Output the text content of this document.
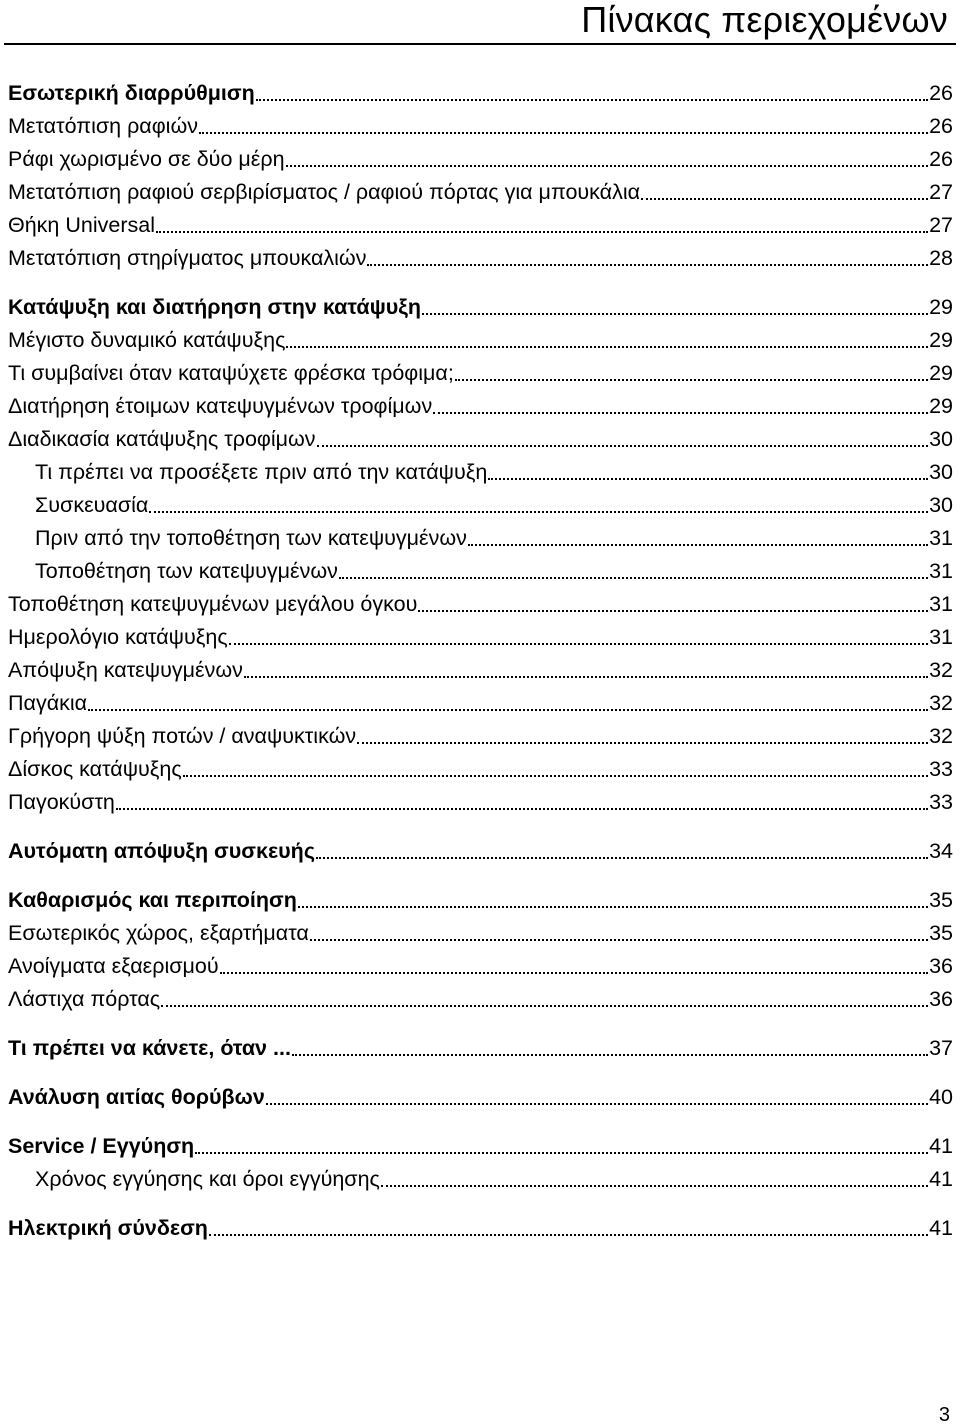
Πίνακας περιεχομένων
Εσωτερική διαρρύθμιση	26
Μετατόπιση ραφιών	26
Ράφι χωρισμένο σε δύο μέρη	26
Μετατόπιση ραφιού σερβιρίσματος / ραφιού πόρτας για μπουκάλια	27
Θήκη Universal	27
Μετατόπιση στηρίγματος μπουκαλιών	28
Κατάψυξη και διατήρηση στην κατάψυξη	29
Μέγιστο δυναμικό κατάψυξης	29
Τι συμβαίνει όταν καταψύχετε φρέσκα τρόφιμα;	29
Διατήρηση έτοιμων κατεψυγμένων τροφίμων	29
Διαδικασία κατάψυξης τροφίμων	30
Τι πρέπει να προσέξετε πριν από την κατάψυξη	30
Συσκευασία	30
Πριν από την τοποθέτηση των κατεψυγμένων	31
Τοποθέτηση των κατεψυγμένων	31
Τοποθέτηση κατεψυγμένων μεγάλου όγκου	31
Ημερολόγιο κατάψυξης	31
Απόψυξη κατεψυγμένων	32
Παγάκια	32
Γρήγορη ψύξη ποτών / αναψυκτικών	32
Δίσκος κατάψυξης	33
Παγοκύστη	33
Αυτόματη απόψυξη συσκευής	34
Καθαρισμός και περιποίηση	35
Εσωτερικός χώρος, εξαρτήματα	35
Ανοίγματα εξαερισμού	36
Λάστιχα πόρτας	36
Τι πρέπει να κάνετε, όταν ...	37
Ανάλυση αιτίας θορύβων	40
Service / Εγγύηση	41
Χρόνος εγγύησης και όροι εγγύησης	41
Ηλεκτρική σύνδεση	41
3
